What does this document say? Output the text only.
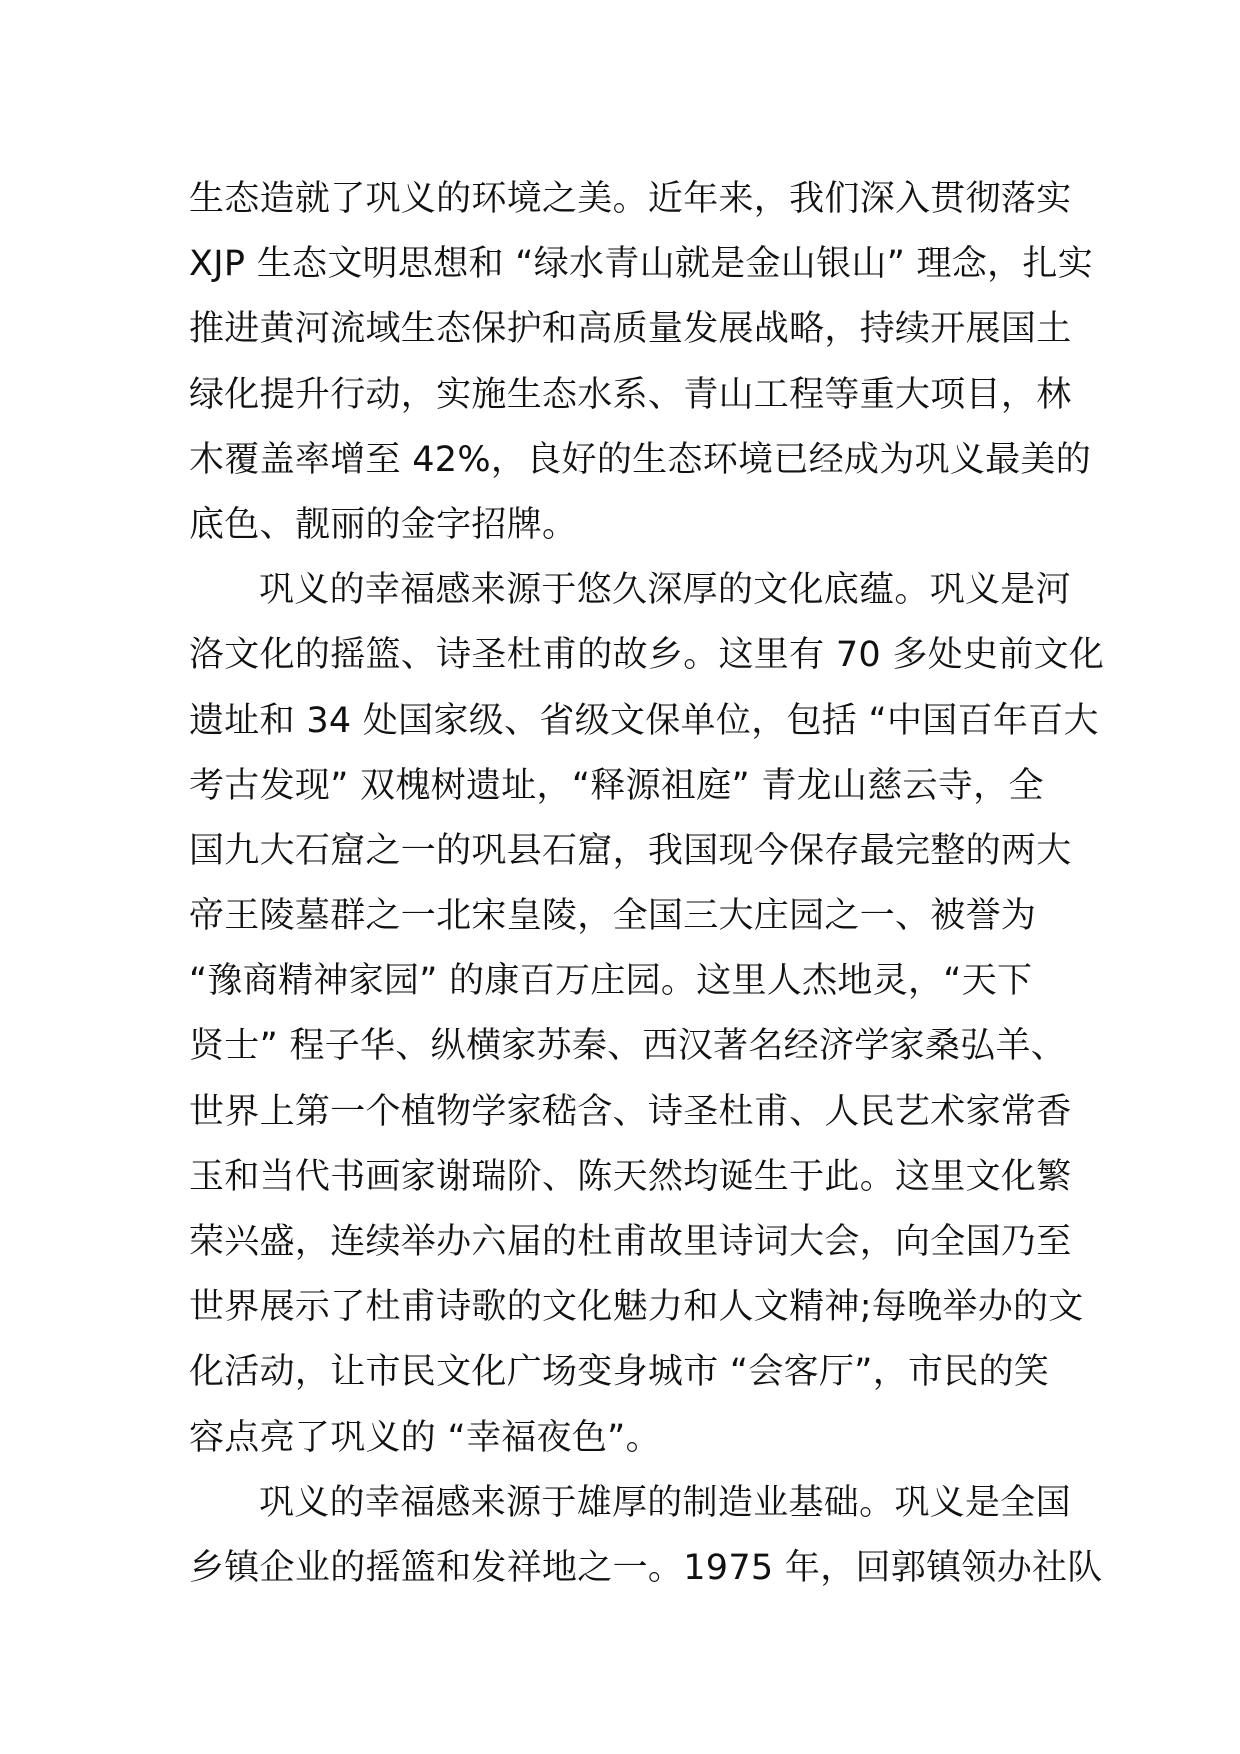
生态造就了巩义的环境之美。近年来，我们深入贯彻落实
XJP 生态文明思想和 “绿水青山就是金山银山” 理念，扎实
推进黄河流域生态保护和高质量发展战略，持续开展国土
绿化提升行动，实施生态水系、青山工程等重大项目，林
木覆盖率增至 42%，良好的生态环境已经成为巩义最美的
底色、靓丽的金字招牌。
巩义的幸福感来源于悠久深厚的文化底蕴。巩义是河
洛文化的摇篮、诗圣杜甫的故乡。这里有 70 多处史前文化
遗址和 34 处国家级、省级文保单位，包括 “中国百年百大
考古发现” 双槐树遗址，“释源祖庭” 青龙山慈云寺，全
国九大石窟之一的巩县石窟，我国现今保存最完整的两大
帝王陵墓群之一北宋皇陵，全国三大庄园之一、被誉为
“豫商精神家园” 的康百万庄园。这里人杰地灵，“天下
贤士” 程子华、纵横家苏秦、西汉著名经济学家桑弘羊、
世界上第一个植物学家嵇含、诗圣杜甫、人民艺术家常香
玉和当代书画家谢瑞阶、陈天然均诞生于此。这里文化繁
荣兴盛，连续举办六届的杜甫故里诗词大会，向全国乃至
世界展示了杜甫诗歌的文化魅力和人文精神;每晚举办的文
化活动，让市民文化广场变身城市 “会客厅”，市民的笑
容点亮了巩义的 “幸福夜色”。
巩义的幸福感来源于雄厚的制造业基础。巩义是全国
乡镇企业的摇篮和发祥地之一。1975 年，回郭镇领办社队
